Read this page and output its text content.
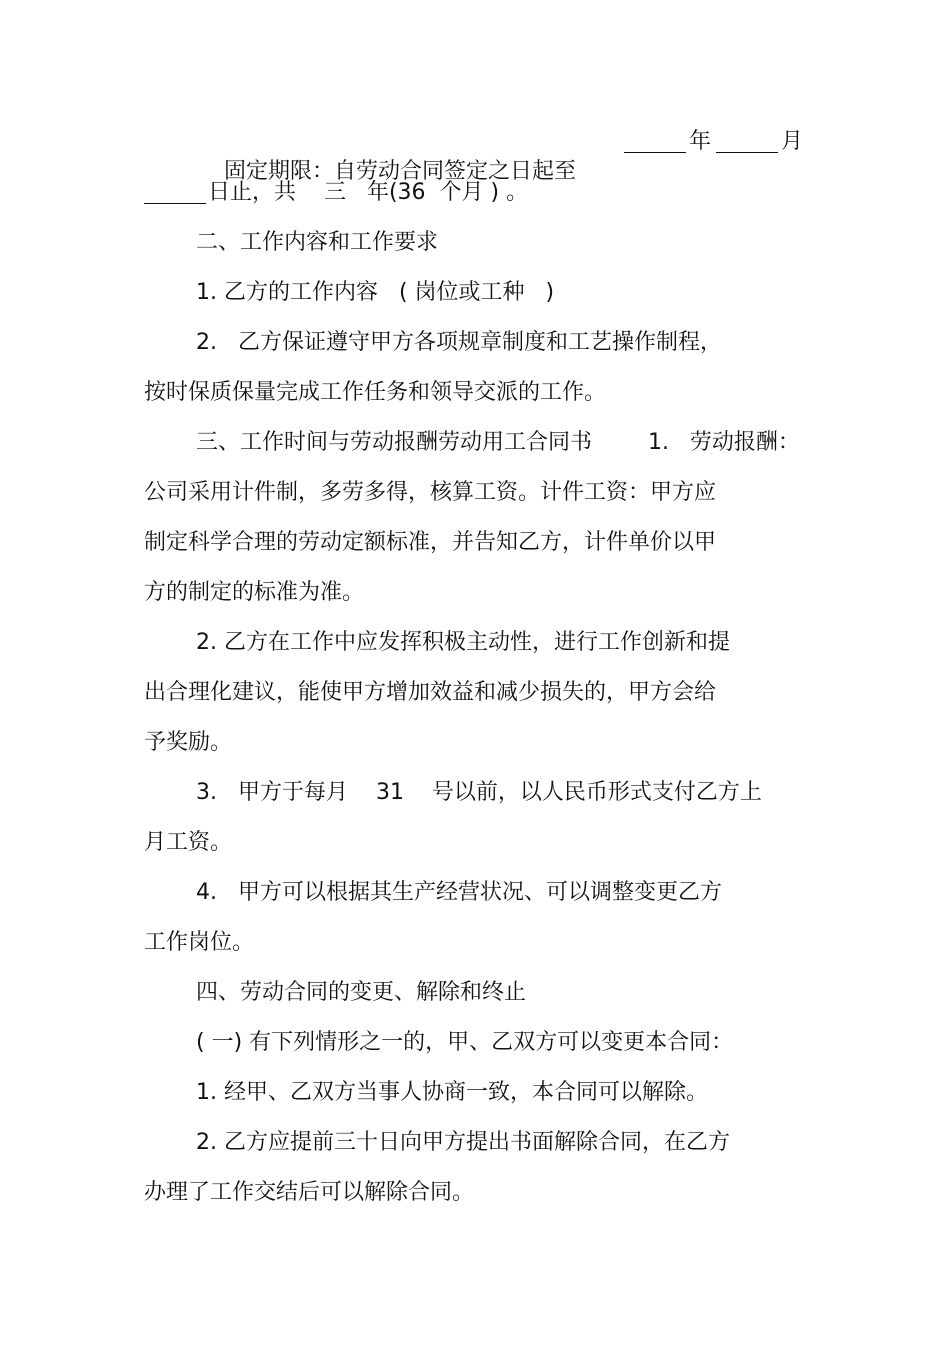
固定期限：自劳动合同签定之日起至

年	月
日止，共    三   年(36  个月 ) 。
二、工作内容和工作要求
1. 乙方的工作内容   ( 岗位或工种   )
2.   乙方保证遵守甲方各项规章制度和工艺操作制程，
按时保质保量完成工作任务和领导交派的工作。
三、工作时间与劳动报酬劳动用工合同书        1.   劳动报酬：
公司采用计件制，多劳多得，核算工资。计件工资：甲方应
制定科学合理的劳动定额标准，并告知乙方，计件单价以甲
方的制定的标准为准。
2. 乙方在工作中应发挥积极主动性，进行工作创新和提
出合理化建议，能使甲方增加效益和减少损失的，甲方会给
予奖励。
3.   甲方于每月    31    号以前，以人民币形式支付乙方上
月工资。
4.   甲方可以根据其生产经营状况、可以调整变更乙方
工作岗位。
四、劳动合同的变更、解除和终止
( 一) 有下列情形之一的，甲、乙双方可以变更本合同：
1. 经甲、乙双方当事人协商一致，本合同可以解除。
2. 乙方应提前三十日向甲方提出书面解除合同，在乙方
办理了工作交结后可以解除合同。
